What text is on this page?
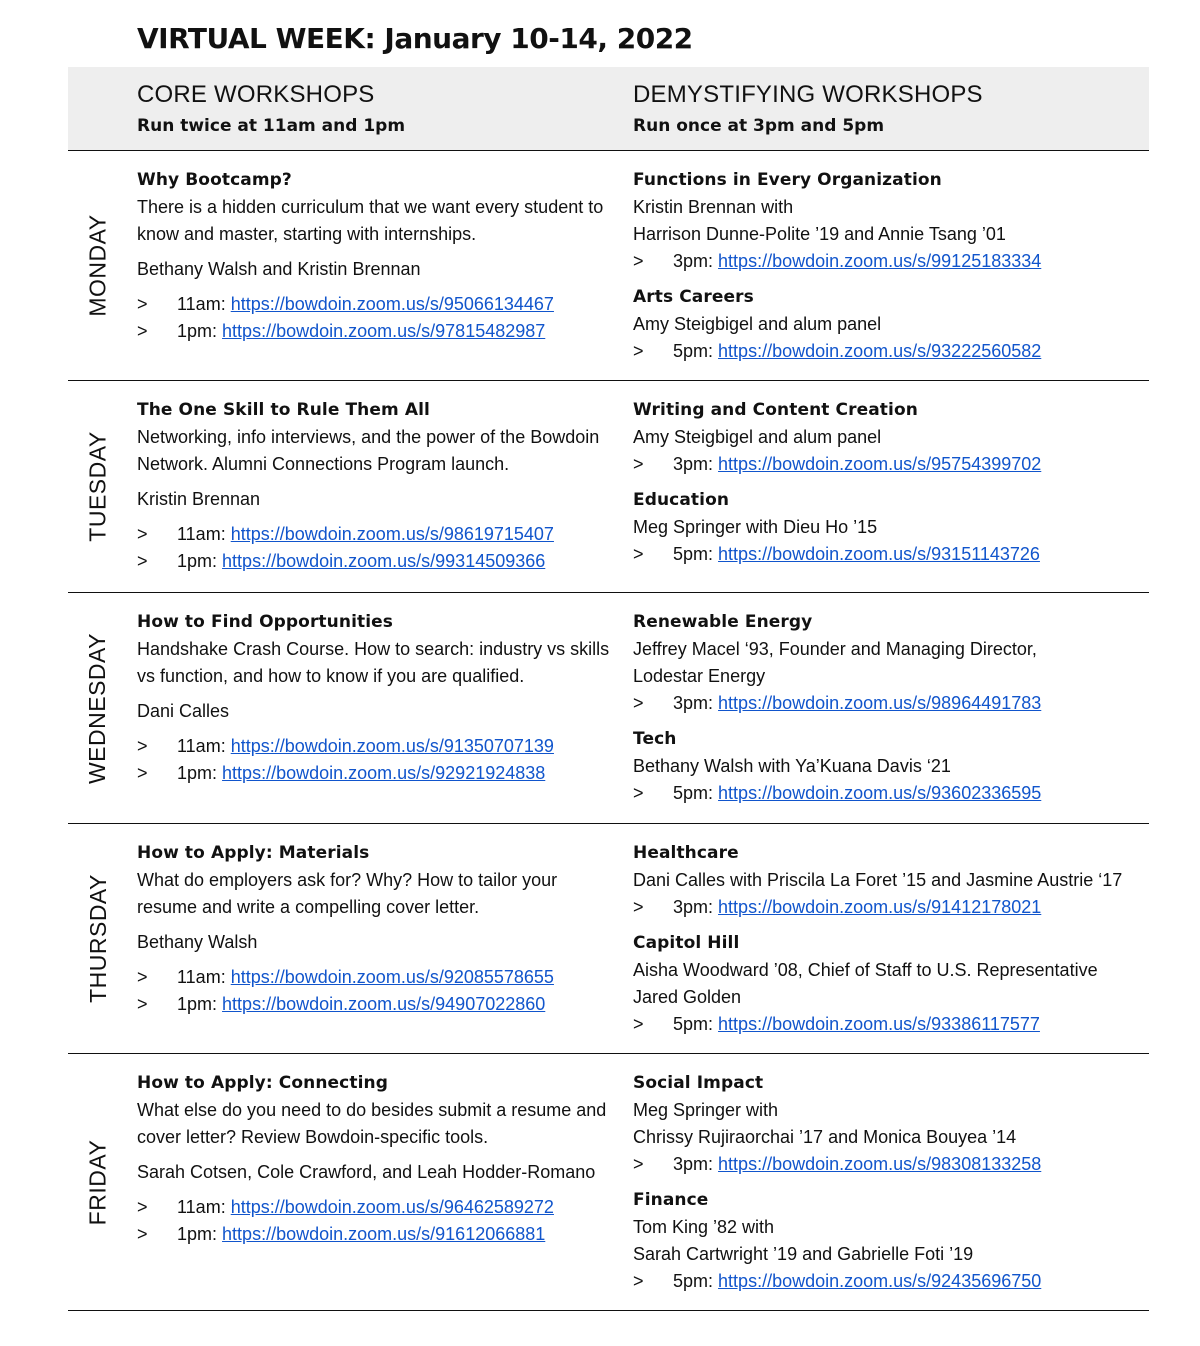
VIRTUAL WEEK: January 10-14, 2022
CORE WORKSHOPS
Run twice at 11am and 1pm
DEMYSTIFYING WORKSHOPS
Run once at 3pm and 5pm
MONDAY
Why Bootcamp?
There is a hidden curriculum that we want every student to know and master, starting with internships.
Bethany Walsh and Kristin Brennan
> 11am: https://bowdoin.zoom.us/s/95066134467
> 1pm: https://bowdoin.zoom.us/s/97815482987
Functions in Every Organization
Kristin Brennan with
Harrison Dunne-Polite ’19 and Annie Tsang ’01
> 3pm: https://bowdoin.zoom.us/s/99125183334
Arts Careers
Amy Steigbigel and alum panel
> 5pm: https://bowdoin.zoom.us/s/93222560582
TUESDAY
The One Skill to Rule Them All
Networking, info interviews, and the power of the Bowdoin Network. Alumni Connections Program launch.
Kristin Brennan
> 11am: https://bowdoin.zoom.us/s/98619715407
> 1pm: https://bowdoin.zoom.us/s/99314509366
Writing and Content Creation
Amy Steigbigel and alum panel
> 3pm: https://bowdoin.zoom.us/s/95754399702
Education
Meg Springer with Dieu Ho ’15
> 5pm: https://bowdoin.zoom.us/s/93151143726
WEDNESDAY
How to Find Opportunities
Handshake Crash Course. How to search: industry vs skills vs function, and how to know if you are qualified.
Dani Calles
> 11am: https://bowdoin.zoom.us/s/91350707139
> 1pm: https://bowdoin.zoom.us/s/92921924838
Renewable Energy
Jeffrey Macel ‘93, Founder and Managing Director,
Lodestar Energy
> 3pm: https://bowdoin.zoom.us/s/98964491783
Tech
Bethany Walsh with Ya’Kuana Davis ‘21
> 5pm: https://bowdoin.zoom.us/s/93602336595
THURSDAY
How to Apply: Materials
What do employers ask for? Why? How to tailor your resume and write a compelling cover letter.
Bethany Walsh
> 11am: https://bowdoin.zoom.us/s/92085578655
> 1pm: https://bowdoin.zoom.us/s/94907022860
Healthcare
Dani Calles with Priscila La Foret ’15 and Jasmine Austrie ‘17
> 3pm: https://bowdoin.zoom.us/s/91412178021
Capitol Hill
Aisha Woodward ’08, Chief of Staff to U.S. Representative
Jared Golden
> 5pm: https://bowdoin.zoom.us/s/93386117577
FRIDAY
How to Apply: Connecting
What else do you need to do besides submit a resume and cover letter? Review Bowdoin-specific tools.
Sarah Cotsen, Cole Crawford, and Leah Hodder-Romano
> 11am: https://bowdoin.zoom.us/s/96462589272
> 1pm: https://bowdoin.zoom.us/s/91612066881
Social Impact
Meg Springer with
Chrissy Rujiraorchai ’17 and Monica Bouyea ’14
> 3pm: https://bowdoin.zoom.us/s/98308133258
Finance
Tom King ’82 with
Sarah Cartwright ’19 and Gabrielle Foti ’19
> 5pm: https://bowdoin.zoom.us/s/92435696750
